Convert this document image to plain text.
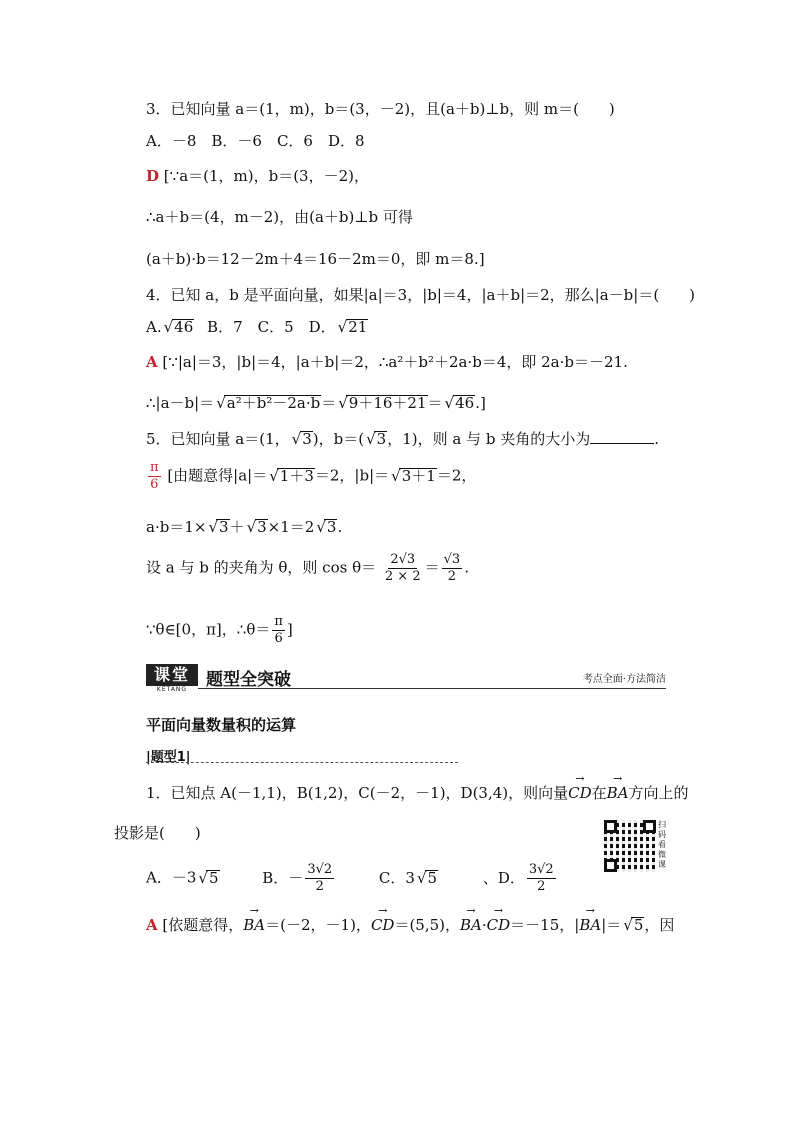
3．已知向量 a＝(1，m)，b＝(3，－2)，且(a＋b)⊥b，则 m＝(　　)
A．－8　B．－6　C．6　D．8
D [∵a＝(1，m)，b＝(3，－2)，
∴a＋b＝(4，m－2)，由(a＋b)⊥b 可得
(a＋b)·b＝12－2m＋4＝16－2m＝0，即 m＝8.]
4．已知 a，b 是平面向量，如果|a|＝3，|b|＝4，|a＋b|＝2，那么|a－b|＝(　　)
A. √ 46 B．7　C．5　D． √ 21
A [∵|a|＝3，|b|＝4，|a＋b|＝2，∴a²＋b²＋2a·b＝4，即 2a·b＝－21.
∴|a－b|＝ √ a²＋b²－2a·b＝ √ 9＋16＋21＝ √ 46.]
5．已知向量 a＝(1， √ 3)，b＝( √ 3，1)，则 a 与 b 夹角的大小为	.
$\frac{\pi}{6}$ [由题意得|a|＝ √ 1＋3＝2，|b|＝ √ 3＋1＝2，
a·b＝1× √ 3＋ √ 3×1＝2 √ 3.
设 a 与 b 的夹角为 θ，则 $\cos \theta= \frac{2√3}{2 \times 2} = \frac{√3}{2}$ .
∵θ∈[0，π]，∴θ＝ $\frac{\pi}{6}$ ]
课堂
KETANG	题型全突破	考点全面·方法简洁
平面向量数量积的运算
|题型1|
1．已知点 A(－1,1)，B(1,2)，C(－2，－1)，D(3,4)，则向量→ CD在→ BA方向上的
投影是(　　)	扫码看微课
A．－3 √ 5	B．－ $\frac{3√2}{2}$	C．3 √ 5	、D． $\frac{3√2}{2}$
A [依题意得，→ BA＝(－2，－1)，→ CD＝(5,5)，→ BA·→ CD＝－15，|→ BA|＝ √ 5，因
